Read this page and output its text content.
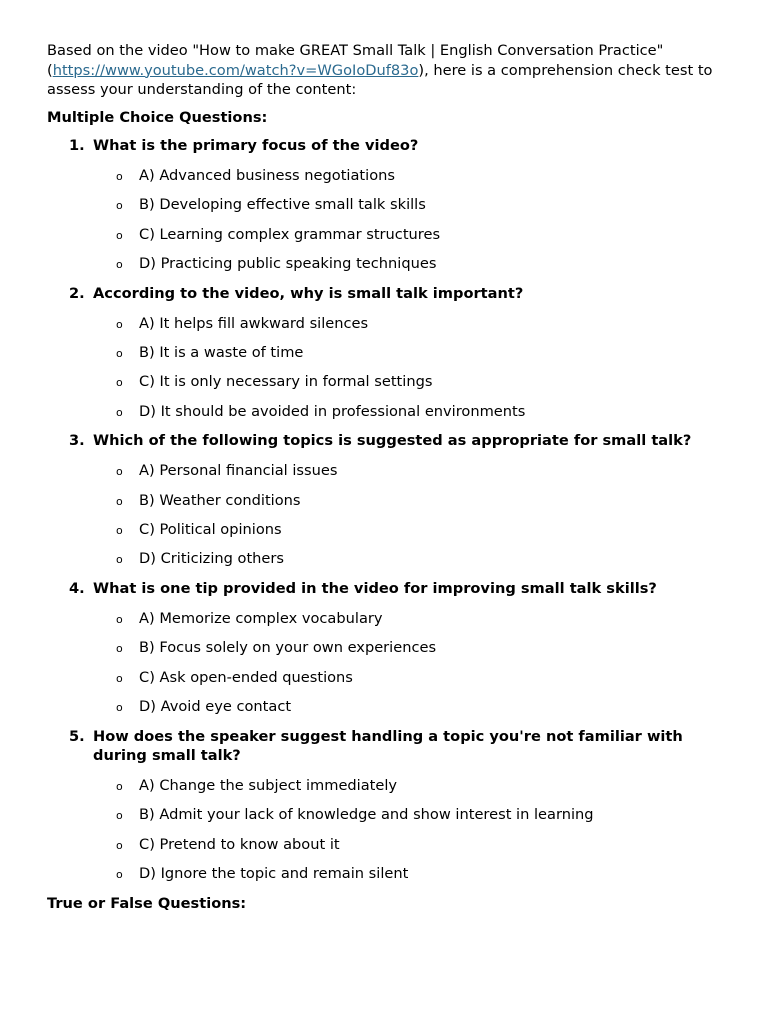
Based on the video "How to make GREAT Small Talk | English Conversation Practice" (https://www.youtube.com/watch?v=WGoIoDuf83o), here is a comprehension check test to assess your understanding of the content:

Multiple Choice Questions:
1. What is the primary focus of the video?
o	A) Advanced business negotiations
o	B) Developing effective small talk skills
o	C) Learning complex grammar structures
o	D) Practicing public speaking techniques
2. According to the video, why is small talk important?
o	A) It helps fill awkward silences
o	B) It is a waste of time
o	C) It is only necessary in formal settings
o	D) It should be avoided in professional environments
3. Which of the following topics is suggested as appropriate for small talk?
o	A) Personal financial issues
o	B) Weather conditions
o	C) Political opinions
o	D) Criticizing others
4. What is one tip provided in the video for improving small talk skills?
o	A) Memorize complex vocabulary
o	B) Focus solely on your own experiences
o	C) Ask open-ended questions
o	D) Avoid eye contact
5. How does the speaker suggest handling a topic you're not familiar with during small talk?
o	A) Change the subject immediately
o	B) Admit your lack of knowledge and show interest in learning
o	C) Pretend to know about it
o	D) Ignore the topic and remain silent
True or False Questions:
